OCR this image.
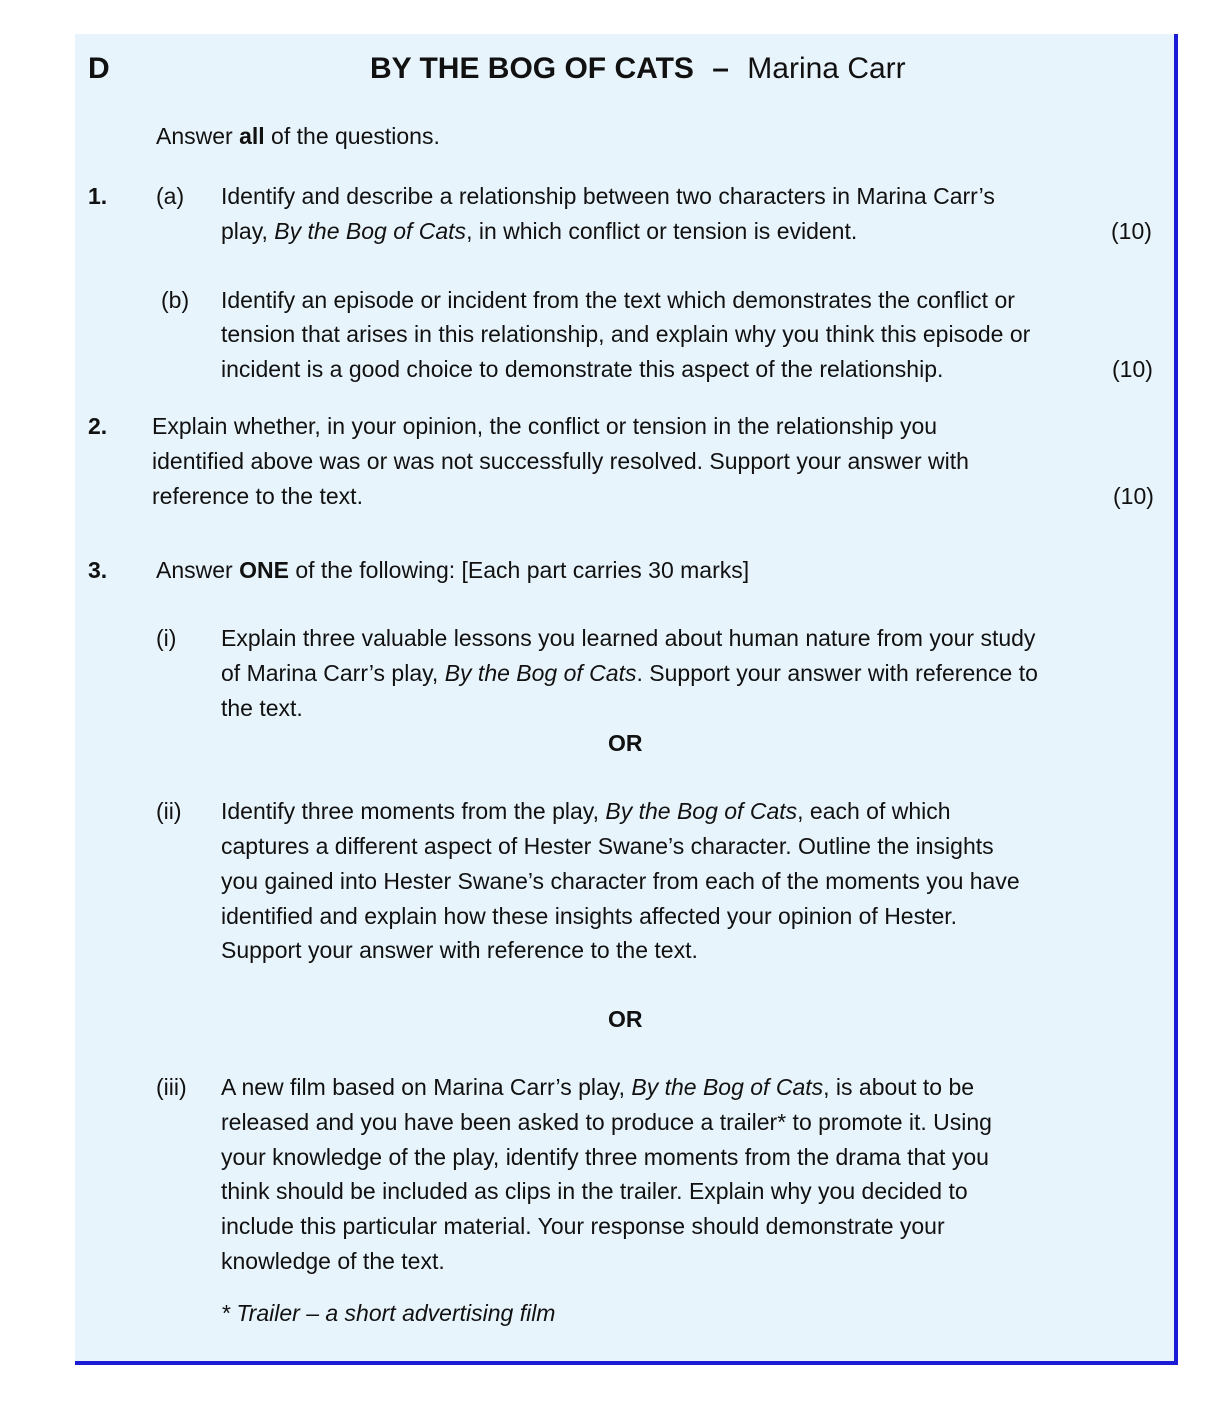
D	BY THE BOG OF CATS – Marina Carr
Answer all of the questions.
1. (a) Identify and describe a relationship between two characters in Marina Carr’s
play, By the Bog of Cats, in which conflict or tension is evident.	(10)
(b) Identify an episode or incident from the text which demonstrates the conflict or
tension that arises in this relationship, and explain why you think this episode or
incident is a good choice to demonstrate this aspect of the relationship.	(10)
2. Explain whether, in your opinion, the conflict or tension in the relationship you
identified above was or was not successfully resolved. Support your answer with
reference to the text.	(10)
3. Answer ONE of the following: [Each part carries 30 marks]
(i) Explain three valuable lessons you learned about human nature from your study
of Marina Carr’s play, By the Bog of Cats. Support your answer with reference to
the text.
OR
(ii) Identify three moments from the play, By the Bog of Cats, each of which
captures a different aspect of Hester Swane’s character. Outline the insights
you gained into Hester Swane’s character from each of the moments you have
identified and explain how these insights affected your opinion of Hester.
Support your answer with reference to the text.
OR
(iii) A new film based on Marina Carr’s play, By the Bog of Cats, is about to be
released and you have been asked to produce a trailer* to promote it. Using
your knowledge of the play, identify three moments from the drama that you
think should be included as clips in the trailer. Explain why you decided to
include this particular material. Your response should demonstrate your
knowledge of the text.
* Trailer – a short advertising film
